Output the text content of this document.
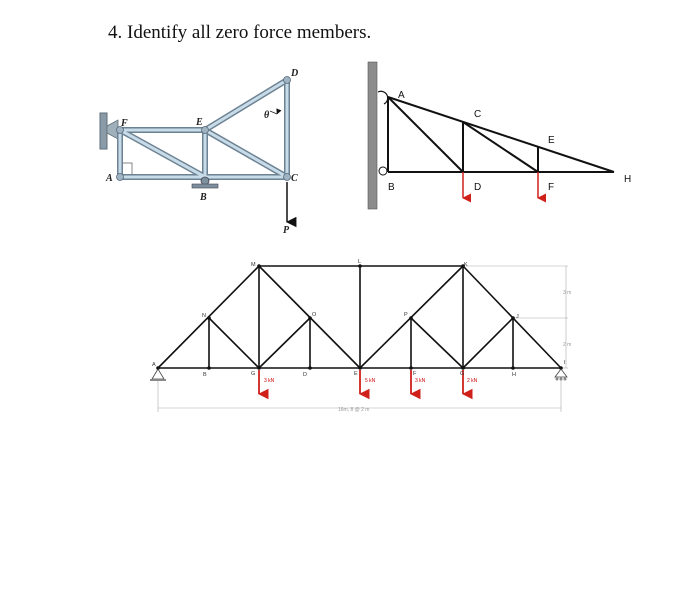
4. Identify all zero force members.
D
E
F
A	C
B
θ
P
A
B
C
D
E
F
H
3 kN	5 kN	3 kN	2 kN
A
B	G	D	E	F	G	H
I
J
K
L
M
N	O	P
16m, 8 @ 2 m
3 m
2 m
